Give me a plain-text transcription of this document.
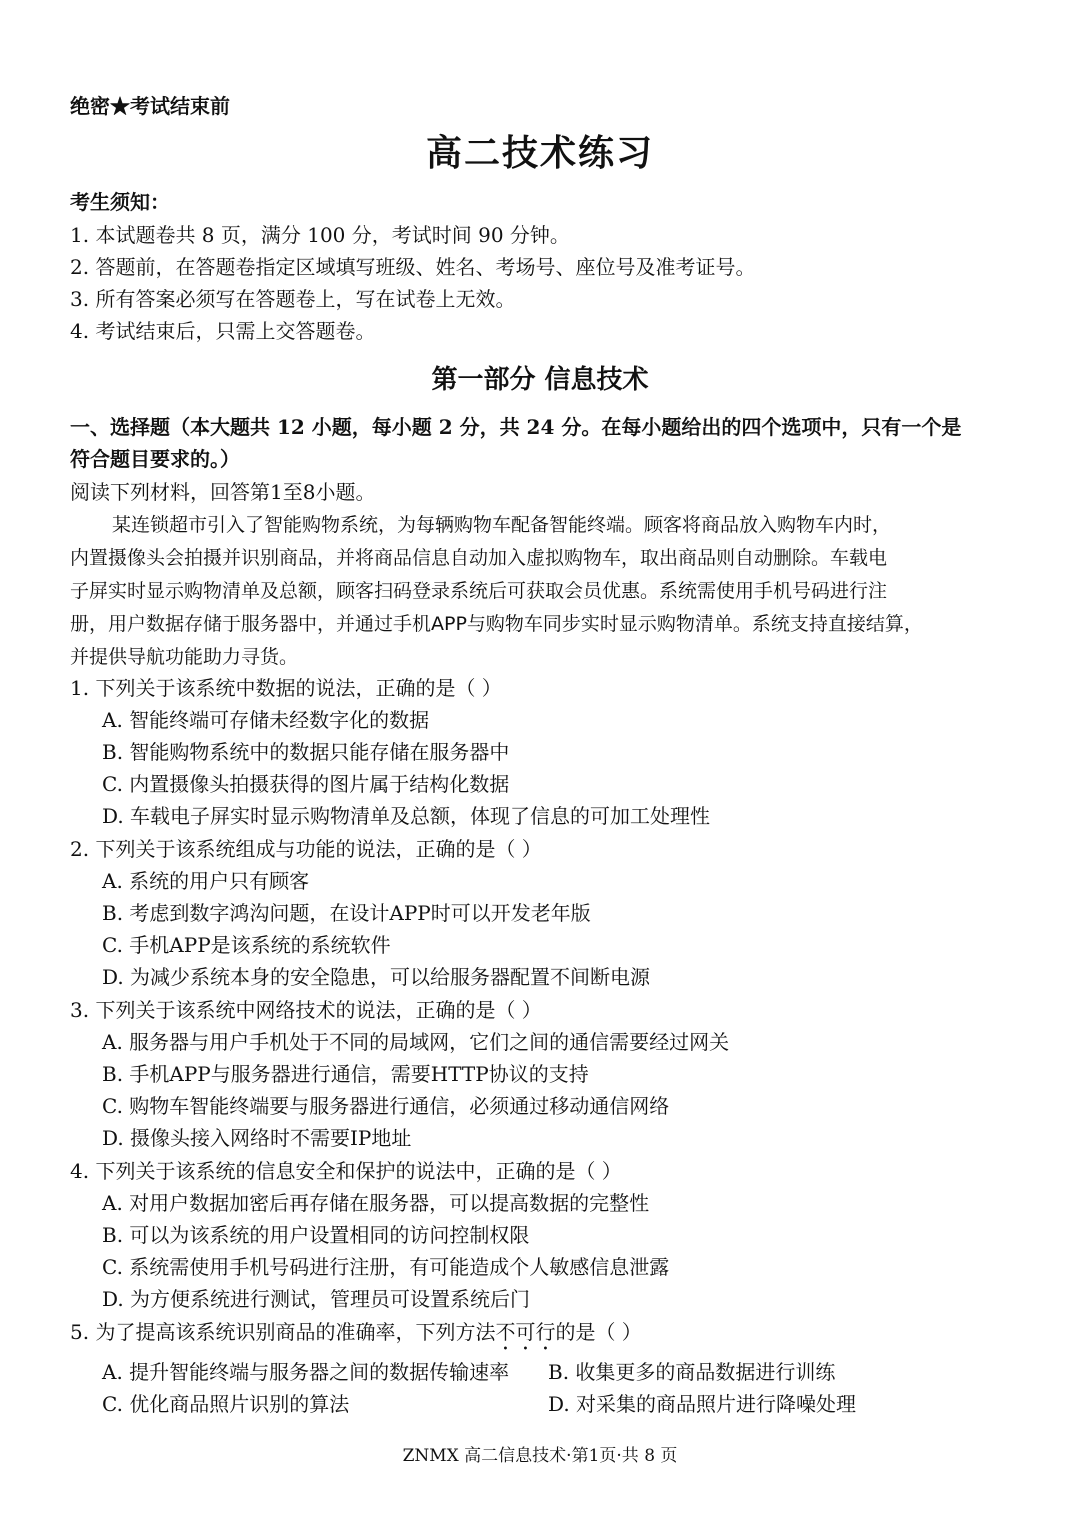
绝密★考试结束前
高二技术练习
考生须知：
1. 本试题卷共 8 页，满分 100 分，考试时间 90 分钟。
2. 答题前，在答题卷指定区域填写班级、姓名、考场号、座位号及准考证号。
3. 所有答案必须写在答题卷上，写在试卷上无效。
4. 考试结束后，只需上交答题卷。
第一部分 信息技术
一、选择题（本大题共 12 小题，每小题 2 分，共 24 分。在每小题给出的四个选项中，只有一个是
符合题目要求的。）
阅读下列材料，回答第1至8小题。
某连锁超市引入了智能购物系统，为每辆购物车配备智能终端。顾客将商品放入购物车内时，
内置摄像头会拍摄并识别商品，并将商品信息自动加入虚拟购物车，取出商品则自动删除。车载电
子屏实时显示购物清单及总额，顾客扫码登录系统后可获取会员优惠。系统需使用手机号码进行注
册，用户数据存储于服务器中，并通过手机APP与购物车同步实时显示购物清单。系统支持直接结算，
并提供导航功能助力寻货。
1. 下列关于该系统中数据的说法，正确的是（ ）
A. 智能终端可存储未经数字化的数据
B. 智能购物系统中的数据只能存储在服务器中
C. 内置摄像头拍摄获得的图片属于结构化数据
D. 车载电子屏实时显示购物清单及总额，体现了信息的可加工处理性
2. 下列关于该系统组成与功能的说法，正确的是（ ）
A. 系统的用户只有顾客
B. 考虑到数字鸿沟问题，在设计APP时可以开发老年版
C. 手机APP是该系统的系统软件
D. 为减少系统本身的安全隐患，可以给服务器配置不间断电源
3. 下列关于该系统中网络技术的说法，正确的是（ ）
A. 服务器与用户手机处于不同的局域网，它们之间的通信需要经过网关
B. 手机APP与服务器进行通信，需要HTTP协议的支持
C. 购物车智能终端要与服务器进行通信，必须通过移动通信网络
D. 摄像头接入网络时不需要IP地址
4. 下列关于该系统的信息安全和保护的说法中，正确的是（ ）
A. 对用户数据加密后再存储在服务器，可以提高数据的完整性
B. 可以为该系统的用户设置相同的访问控制权限
C. 系统需使用手机号码进行注册，有可能造成个人敏感信息泄露
D. 为方便系统进行测试，管理员可设置系统后门
5. 为了提高该系统识别商品的准确率，下列方法不可行的是（ ）
A. 提升智能终端与服务器之间的数据传输速率 B. 收集更多的商品数据进行训练
C. 优化商品照片识别的算法	D. 对采集的商品照片进行降噪处理
ZNMX 高二信息技术·第1页·共 8 页
